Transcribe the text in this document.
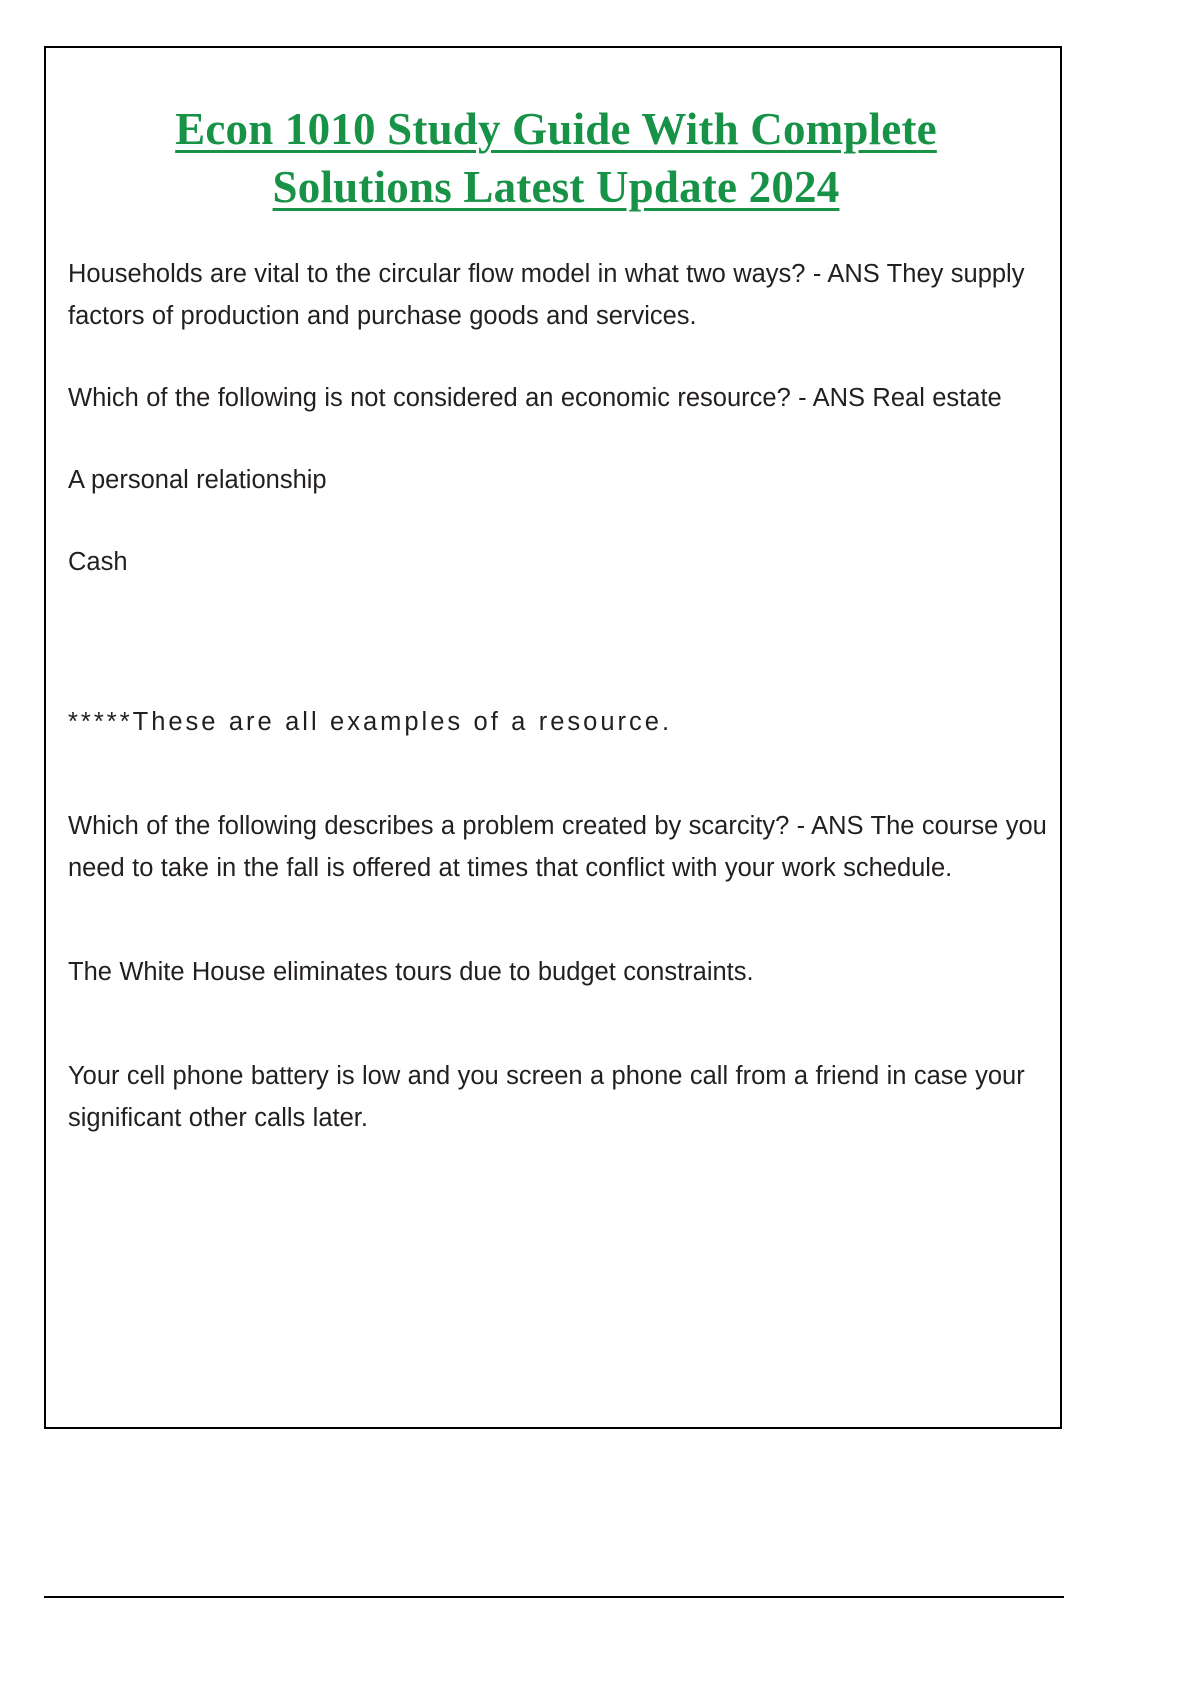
Econ 1010 Study Guide With Complete
Solutions Latest Update 2024

Households are vital to the circular flow model in what two ways? - ANS They supply factors of production and purchase goods and services.

Which of the following is not considered an economic resource? - ANS Real estate

A personal relationship

Cash

*****These are all examples of a resource.

Which of the following describes a problem created by scarcity? - ANS The course you need to take in the fall is offered at times that conflict with your work schedule.

The White House eliminates tours due to budget constraints.

Your cell phone battery is low and you screen a phone call from a friend in case your significant other calls later.
